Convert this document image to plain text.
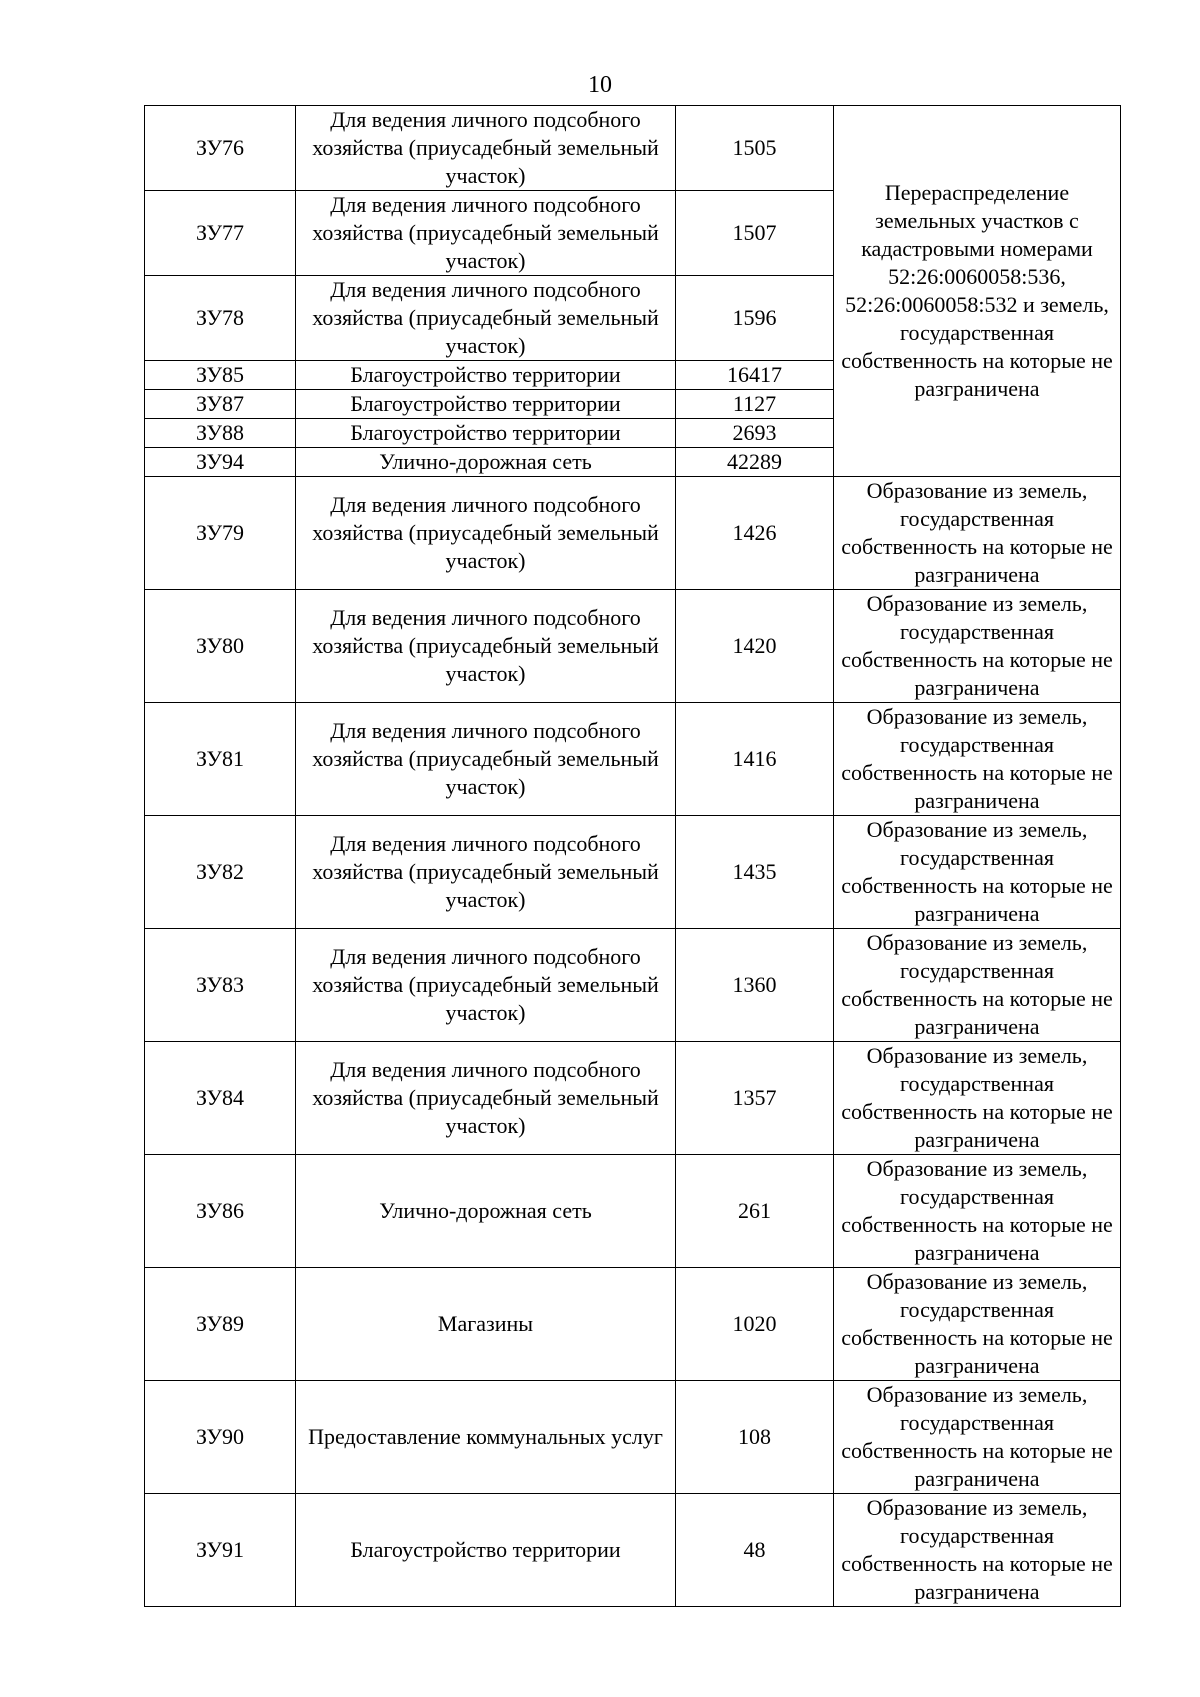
10
ЗУ76	Для ведения личного подсобного хозяйства (приусадебный земельный участок)	1505	Перераспределение земельных участков с кадастровыми номерами 52:26:0060058:536, 52:26:0060058:532 и земель, государственная собственность на которые не разграничена
ЗУ77	Для ведения личного подсобного хозяйства (приусадебный земельный участок)	1507	
ЗУ78	Для ведения личного подсобного хозяйства (приусадебный земельный участок)	1596	
ЗУ85	Благоустройство территории	16417	
ЗУ87	Благоустройство территории	1127	
ЗУ88	Благоустройство территории	2693	
ЗУ94	Улично-дорожная сеть	42289	
ЗУ79	Для ведения личного подсобного хозяйства (приусадебный земельный участок)	1426	Образование из земель, государственная собственность на которые не разграничена
ЗУ80	Для ведения личного подсобного хозяйства (приусадебный земельный участок)	1420	Образование из земель, государственная собственность на которые не разграничена
ЗУ81	Для ведения личного подсобного хозяйства (приусадебный земельный участок)	1416	Образование из земель, государственная собственность на которые не разграничена
ЗУ82	Для ведения личного подсобного хозяйства (приусадебный земельный участок)	1435	Образование из земель, государственная собственность на которые не разграничена
ЗУ83	Для ведения личного подсобного хозяйства (приусадебный земельный участок)	1360	Образование из земель, государственная собственность на которые не разграничена
ЗУ84	Для ведения личного подсобного хозяйства (приусадебный земельный участок)	1357	Образование из земель, государственная собственность на которые не разграничена
ЗУ86	Улично-дорожная сеть	261	Образование из земель, государственная собственность на которые не разграничена
ЗУ89	Магазины	1020	Образование из земель, государственная собственность на которые не разграничена
ЗУ90	Предоставление коммунальных услуг	108	Образование из земель, государственная собственность на которые не разграничена
ЗУ91	Благоустройство территории	48	Образование из земель, государственная собственность на которые не разграничена
